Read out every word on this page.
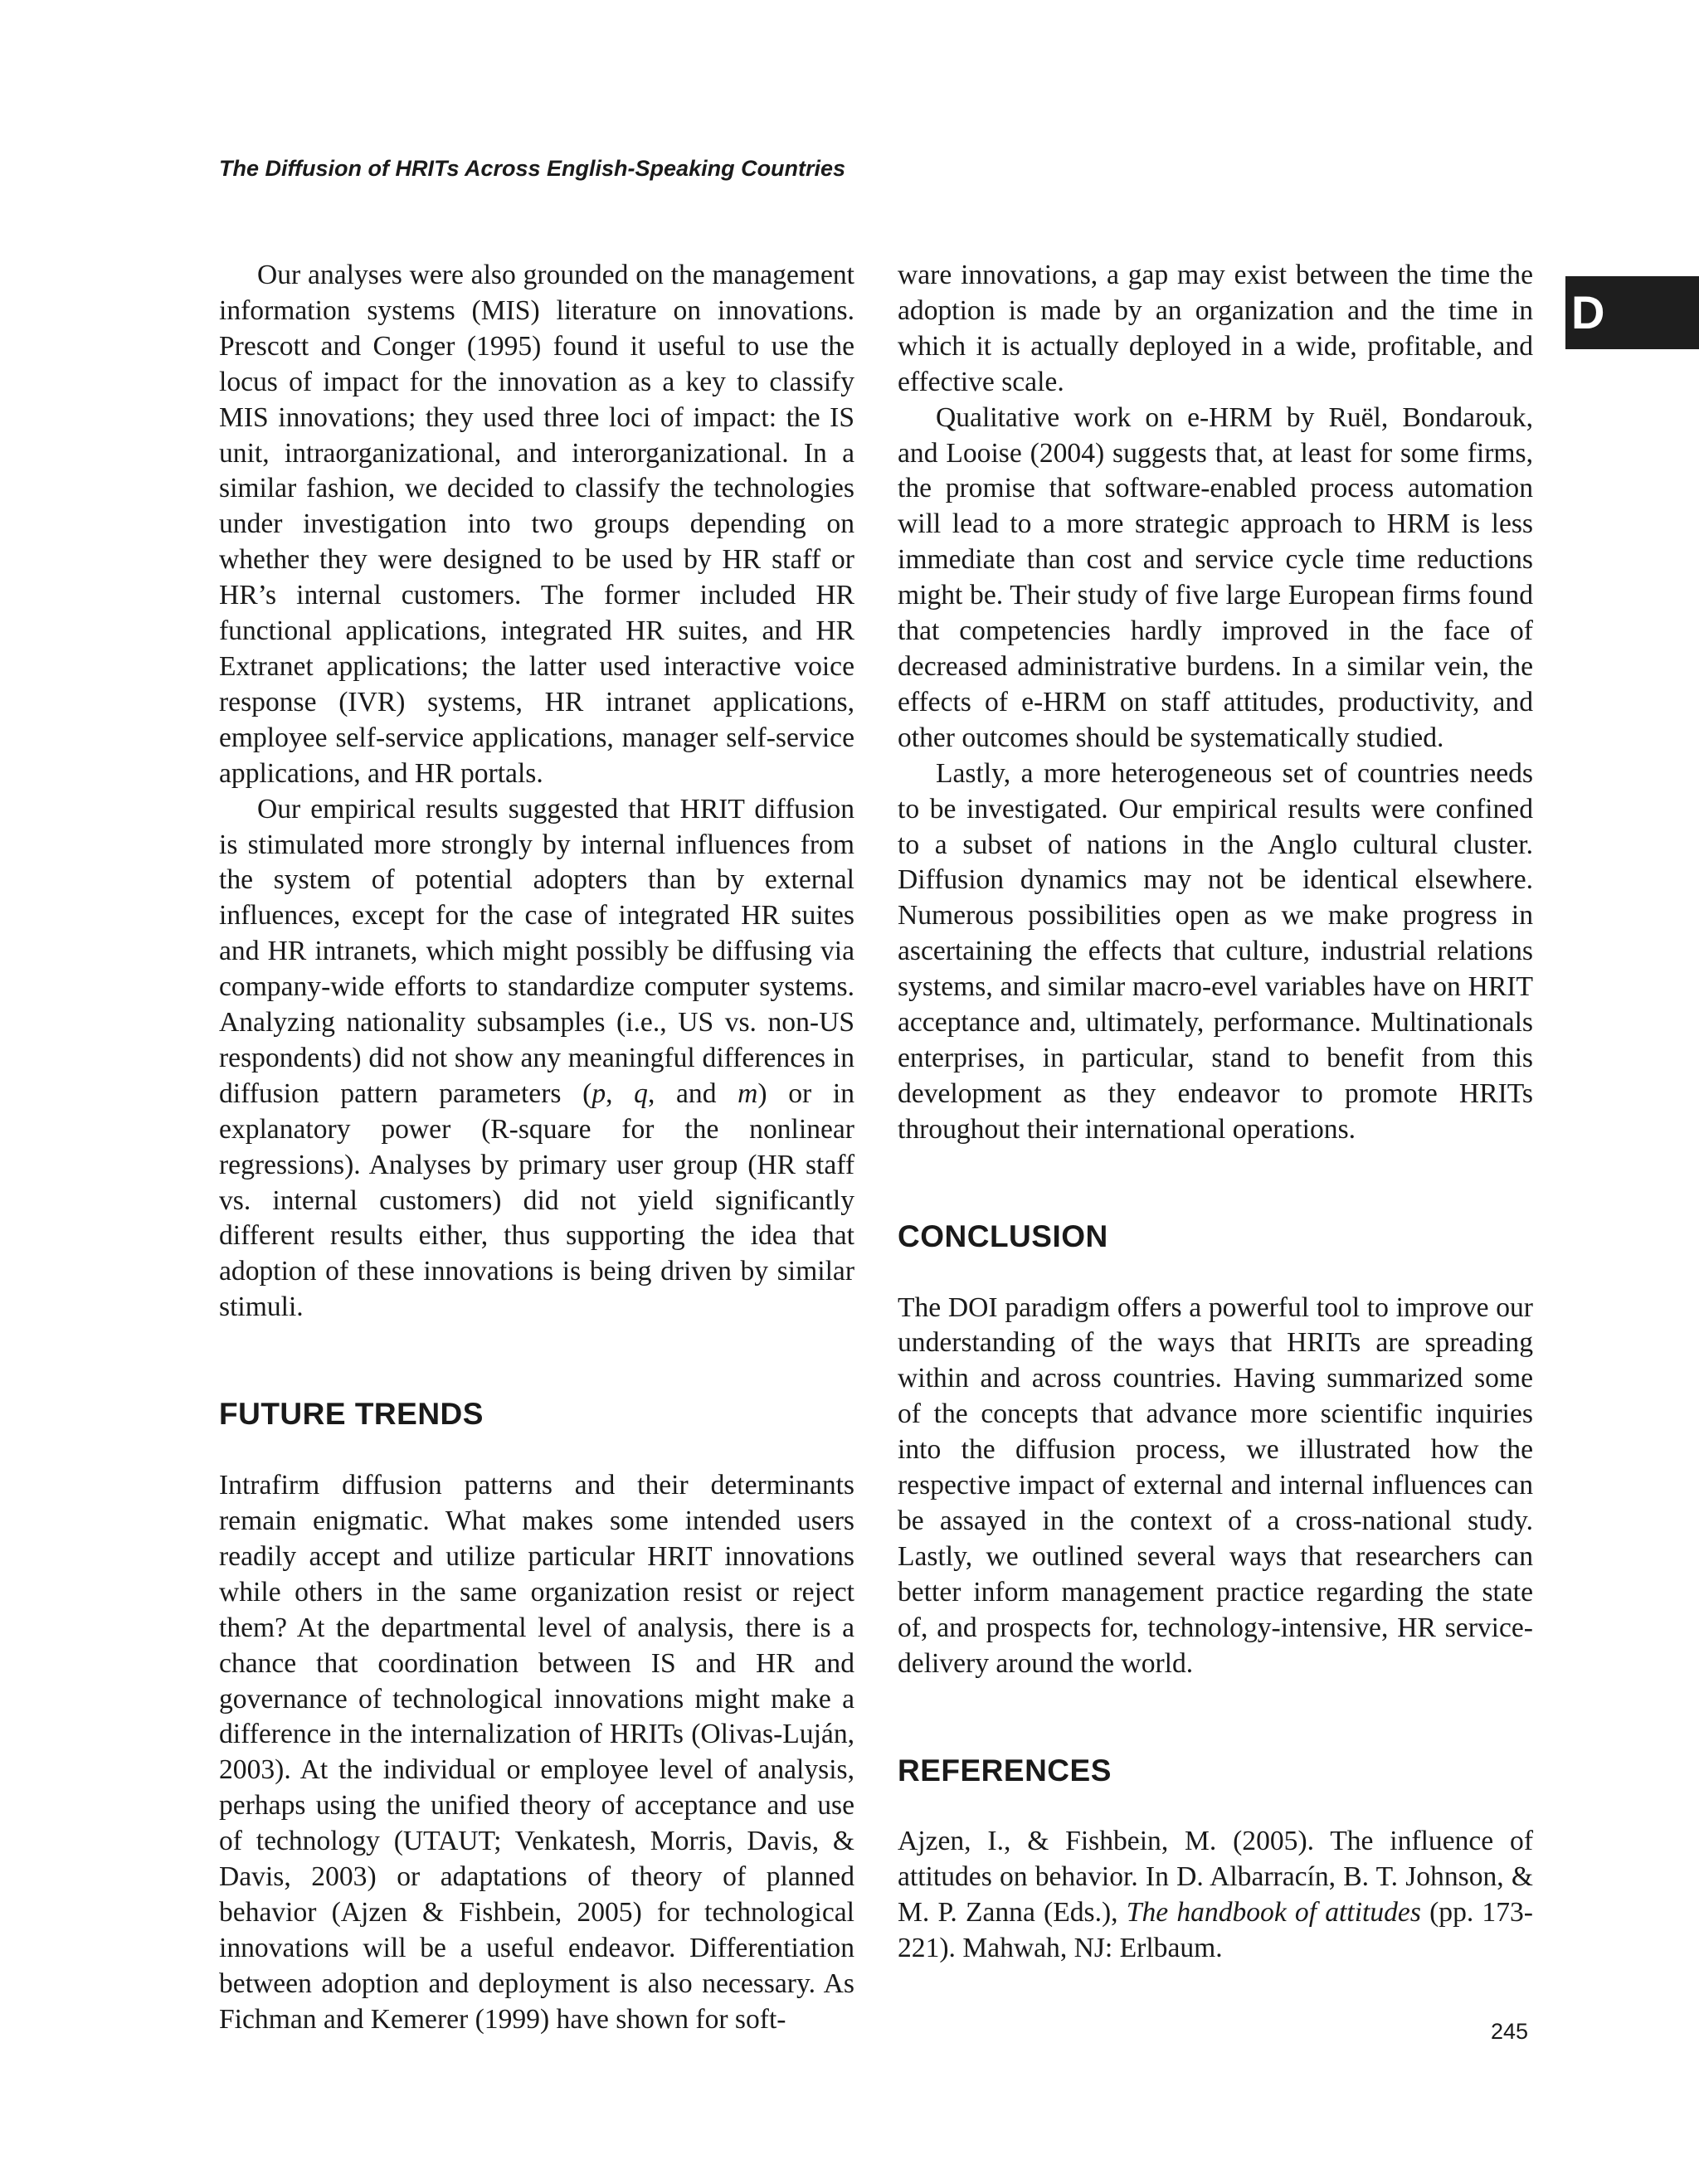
The Diffusion of HRITs Across English-Speaking Countries
D

Our analyses were also grounded on the management information systems (MIS) literature on innovations. Prescott and Conger (1995) found it useful to use the locus of impact for the innovation as a key to classify MIS innovations; they used three loci of impact: the IS unit, intraorganizational, and interorganizational. In a similar fashion, we decided to classify the technologies under investigation into two groups depending on whether they were designed to be used by HR staff or HR’s internal customers. The former included HR functional applications, integrated HR suites, and HR Extranet applications; the latter used interactive voice response (IVR) systems, HR intranet applications, employee self-service applications, manager self-service applications, and HR portals.

Our empirical results suggested that HRIT diffusion is stimulated more strongly by internal influences from the system of potential adopters than by external influences, except for the case of integrated HR suites and HR intranets, which might possibly be diffusing via company-wide efforts to standardize computer systems. Analyzing nationality subsamples (i.e., US vs. non-US respondents) did not show any meaningful differences in diffusion pattern parameters (p, q, and m) or in explanatory power (R-square for the nonlinear regressions). Analyses by primary user group (HR staff vs. internal customers) did not yield significantly different results either, thus supporting the idea that adoption of these innovations is being driven by similar stimuli.

FUTURE TRENDS

Intrafirm diffusion patterns and their determinants remain enigmatic. What makes some intended users readily accept and utilize particular HRIT innovations while others in the same organization resist or reject them? At the departmental level of analysis, there is a chance that coordination between IS and HR and governance of technological innovations might make a difference in the internalization of HRITs (Olivas-Luján, 2003). At the individual or employee level of analysis, perhaps using the unified theory of acceptance and use of technology (UTAUT; Venkatesh, Morris, Davis, & Davis, 2003) or adaptations of theory of planned behavior (Ajzen & Fishbein, 2005) for technological innovations will be a useful endeavor. Differentiation between adoption and deployment is also necessary. As Fichman and Kemerer (1999) have shown for soft-

ware innovations, a gap may exist between the time the adoption is made by an organization and the time in which it is actually deployed in a wide, profitable, and effective scale.

Qualitative work on e-HRM by Ruël, Bondarouk, and Looise (2004) suggests that, at least for some firms, the promise that software-enabled process automation will lead to a more strategic approach to HRM is less immediate than cost and service cycle time reductions might be. Their study of five large European firms found that competencies hardly improved in the face of decreased administrative burdens. In a similar vein, the effects of e-HRM on staff attitudes, productivity, and other outcomes should be systematically studied.

Lastly, a more heterogeneous set of countries needs to be investigated. Our empirical results were confined to a subset of nations in the Anglo cultural cluster. Diffusion dynamics may not be identical elsewhere. Numerous possibilities open as we make progress in ascertaining the effects that culture, industrial relations systems, and similar macro-evel variables have on HRIT acceptance and, ultimately, performance. Multinationals enterprises, in particular, stand to benefit from this development as they endeavor to promote HRITs throughout their international operations.

CONCLUSION

The DOI paradigm offers a powerful tool to improve our understanding of the ways that HRITs are spreading within and across countries. Having summarized some of the concepts that advance more scientific inquiries into the diffusion process, we illustrated how the respective impact of external and internal influences can be assayed in the context of a cross-national study. Lastly, we outlined several ways that researchers can better inform management practice regarding the state of, and prospects for, technology-intensive, HR service-delivery around the world.

REFERENCES

Ajzen, I., & Fishbein, M. (2005). The influence of attitudes on behavior. In D. Albarracín, B. T. Johnson, & M. P. Zanna (Eds.), The handbook of attitudes (pp. 173-221). Mahwah, NJ: Erlbaum.

245
